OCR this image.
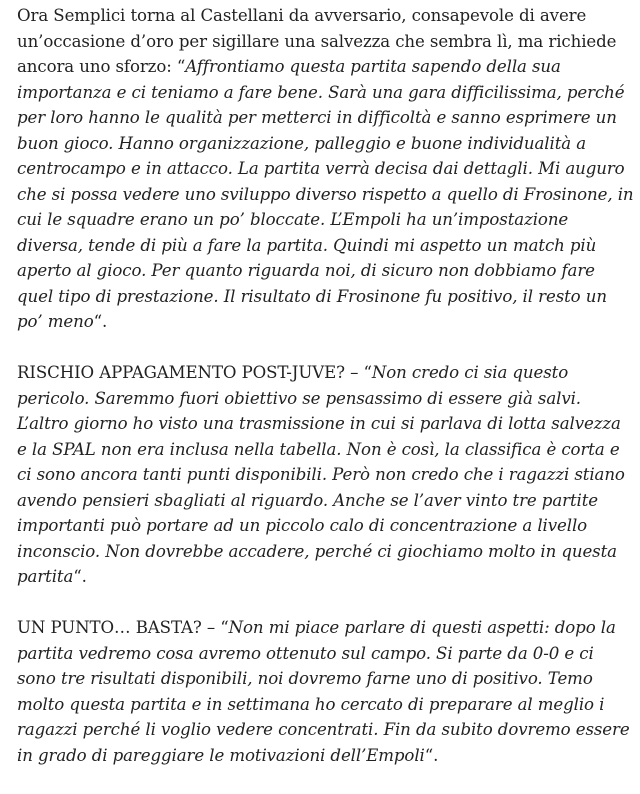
Ora Semplici torna al Castellani da avversario, consapevole di avere un’occasione d’oro per sigillare una salvezza che sembra lì, ma richiede ancora uno sforzo: “Affrontiamo questa partita sapendo della sua importanza e ci teniamo a fare bene. Sarà una gara difficilissima, perché per loro hanno le qualità per metterci in difficoltà e sanno esprimere un buon gioco. Hanno organizzazione, palleggio e buone individualità a centrocampo e in attacco. La partita verrà decisa dai dettagli. Mi auguro che si possa vedere uno sviluppo diverso rispetto a quello di Frosinone, in cui le squadre erano un po’ bloccate. L’Empoli ha un’impostazione diversa, tende di più a fare la partita. Quindi mi aspetto un match più aperto al gioco. Per quanto riguarda noi, di sicuro non dobbiamo fare quel tipo di prestazione. Il risultato di Frosinone fu positivo, il resto un po’ meno“.

RISCHIO APPAGAMENTO POST-JUVE? – “Non credo ci sia questo pericolo. Saremmo fuori obiettivo se pensassimo di essere già salvi. L’altro giorno ho visto una trasmissione in cui si parlava di lotta salvezza e la SPAL non era inclusa nella tabella. Non è così, la classifica è corta e ci sono ancora tanti punti disponibili. Però non credo che i ragazzi stiano avendo pensieri sbagliati al riguardo. Anche se l’aver vinto tre partite importanti può portare ad un piccolo calo di concentrazione a livello inconscio. Non dovrebbe accadere, perché ci giochiamo molto in questa partita“.

UN PUNTO… BASTA? – “Non mi piace parlare di questi aspetti: dopo la partita vedremo cosa avremo ottenuto sul campo. Si parte da 0-0 e ci sono tre risultati disponibili, noi dovremo farne uno di positivo. Temo molto questa partita e in settimana ho cercato di preparare al meglio i ragazzi perché li voglio vedere concentrati. Fin da subito dovremo essere in grado di pareggiare le motivazioni dell’Empoli“.
